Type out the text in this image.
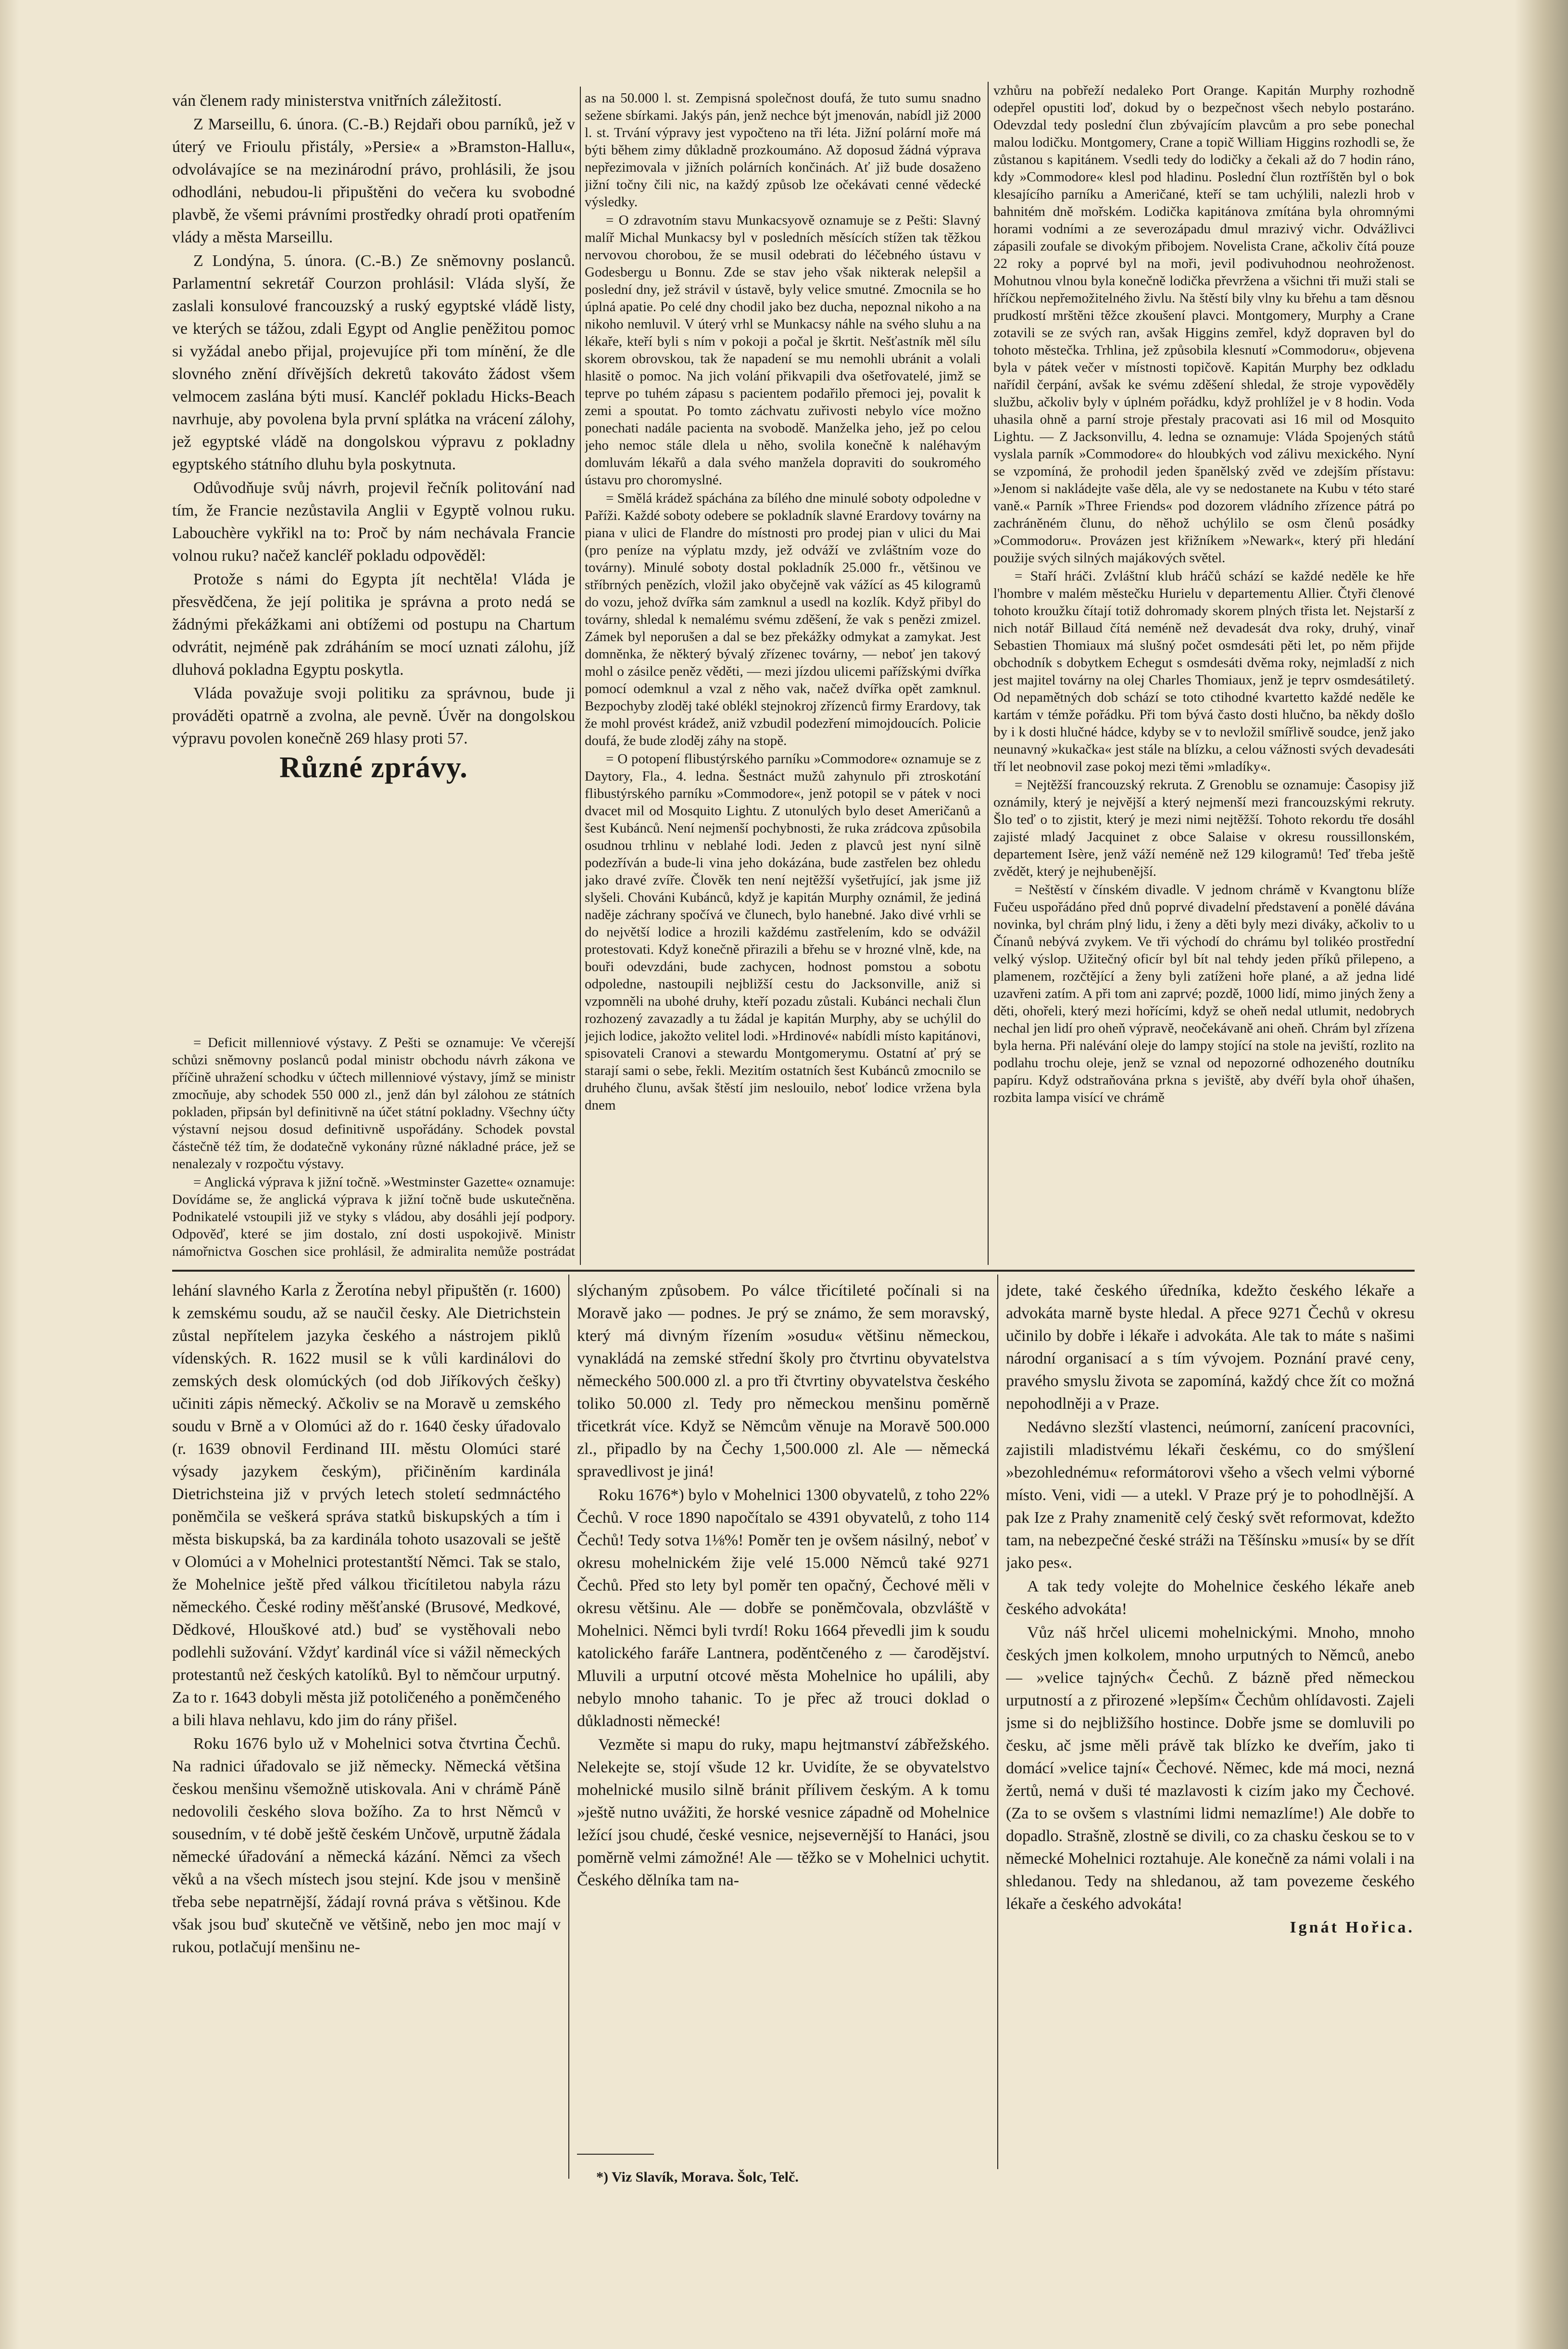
ván členem rady ministerstva vnitřních záležitostí.

Z Marseillu, 6. února. (C.-B.) Rejdaři obou parníků, jež v úterý ve Frioulu přistály, »Persie« a »Bramston-Hallu«, odvolávajíce se na mezinárodní právo, prohlásili, že jsou odhodláni, nebudou-li připuštěni do večera ku svobodné plavbě, že všemi právními prostředky ohradí proti opatřením vlády a města Marseillu.

Z Londýna, 5. února. (C.-B.) Ze sněmovny poslanců. Parlamentní sekretář Courzon prohlásil: Vláda slyší, že zaslali konsulové francouzský a ruský egyptské vládě listy, ve kterých se tážou, zdali Egypt od Anglie peněžitou pomoc si vyžádal anebo přijal, projevujíce při tom mínění, že dle slovného znění dřívějších dekretů takováto žádost všem velmocem zaslána býti musí. Kancléř pokladu Hicks-Beach navrhuje, aby povolena byla první splátka na vrácení zálohy, jež egyptské vládě na dongolskou výpravu z pokladny egyptského státního dluhu byla poskytnuta.

Odůvodňuje svůj návrh, projevil řečník politování nad tím, že Francie nezůstavila Anglii v Egyptě volnou ruku. Labouchère vykřikl na to: Proč by nám nechávala Francie volnou ruku? načež kancléř pokladu odpověděl:

Protože s námi do Egypta jít nechtěla! Vláda je přesvědčena, že její politika je správna a proto nedá se žádnými překážkami ani obtížemi od postupu na Chartum odvrátit, nejméně pak zdráháním se mocí uznati zálohu, jíž dluhová pokladna Egyptu poskytla.

Vláda považuje svoji politiku za správnou, bude ji prováděti opatrně a zvolna, ale pevně. Úvěr na dongolskou výpravu povolen konečně 269 hlasy proti 57.

Různé zprávy.

= Deficit millenniové výstavy. Z Pešti se oznamuje: Ve včerejší schůzi sněmovny poslanců podal ministr obchodu návrh zákona ve příčině uhražení schodku v účtech millenniové výstavy, jímž se ministr zmocňuje, aby schodek 550 000 zl., jenž dán byl zálohou ze státních pokladen, připsán byl definitivně na účet státní pokladny. Všechny účty výstavní nejsou dosud definitivně uspořádány. Schodek povstal částečně též tím, že dodatečně vykonány různé nákladné práce, jež se nenalezaly v rozpočtu výstavy.

= Anglická výprava k jižní točně. »Westminster Gazette« oznamuje: Dovídáme se, že anglická výprava k jižní točně bude uskutečněna. Podnikatelé vstoupili již ve styky s vládou, aby dosáhli její podpory. Odpověď, které se jim dostalo, zní dosti uspokojivě. Ministr námořnictva Goschen sice prohlásil, že admiralita nemůže postrádat

as na 50.000 l. st. Zempisná společnost doufá, že tuto sumu snadno sežene sbírkami. Jakýs pán, jenž nechce být jmenován, nabídl již 2000 l. st. Trvání výpravy jest vypočteno na tři léta. Jižní polární moře má býti během zimy důkladně prozkoumáno. Až doposud žádná výprava nepřezimovala v jižních polárních končinách. Ať již bude dosaženo jižní točny čili nic, na každý způsob lze očekávati cenné vědecké výsledky.

= O zdravotním stavu Munkacsyově oznamuje se z Pešti: Slavný malíř Michal Munkacsy byl v posledních měsících stížen tak těžkou nervovou chorobou, že se musil odebrati do léčebného ústavu v Godesbergu u Bonnu. Zde se stav jeho však nikterak nelepšil a poslední dny, jež strávil v ústavě, byly velice smutné. Zmocnila se ho úplná apatie. Po celé dny chodil jako bez ducha, nepoznal nikoho a na nikoho nemluvil. V úterý vrhl se Munkacsy náhle na svého sluhu a na lékaře, kteří byli s ním v pokoji a počal je škrtit. Nešťastník měl sílu skorem obrovskou, tak že napadení se mu nemohli ubránit a volali hlasitě o pomoc. Na jich volání přikvapili dva ošetřovatelé, jimž se teprve po tuhém zápasu s pacientem podařilo přemoci jej, povalit k zemi a spoutat. Po tomto záchvatu zuřivosti nebylo více možno ponechati nadále pacienta na svobodě. Manželka jeho, jež po celou jeho nemoc stále dlela u něho, svolila konečně k naléhavým domluvám lékařů a dala svého manžela dopraviti do soukromého ústavu pro choromyslné.

= Smělá krádež spáchána za bílého dne minulé soboty odpoledne v Paříži. Každé soboty odebere se pokladník slavné Erardovy továrny na piana v ulici de Flandre do místnosti pro prodej pian v ulici du Mai (pro peníze na výplatu mzdy, jež odváží ve zvláštním voze do továrny). Minulé soboty dostal pokladník 25.000 fr., většinou ve stříbrných penězích, vložil jako obyčejně vak vážící as 45 kilogramů do vozu, jehož dvířka sám zamknul a usedl na kozlík. Když přibyl do továrny, shledal k nemalému svému zděšení, že vak s penězi zmizel. Zámek byl neporušen a dal se bez překážky odmykat a zamykat. Jest domněnka, že některý bývalý zřízenec továrny, — neboť jen takový mohl o zásilce peněz věděti, — mezi jízdou ulicemi pařížskými dvířka pomocí odemknul a vzal z něho vak, načež dvířka opět zamknul. Bezpochyby zloděj také oblékl stejnokroj zřízenců firmy Erardovy, tak že mohl provést krádež, aniž vzbudil podezření mimojdoucích. Policie doufá, že bude zloděj záhy na stopě.

= O potopení flibustýrského parníku »Commodore« oznamuje se z Daytory, Fla., 4. ledna. Šestnáct mužů zahynulo při ztroskotání flibustýrského parníku »Commodore«, jenž potopil se v pátek v noci dvacet mil od Mosquito Lightu. Z utonulých bylo deset Američanů a šest Kubánců. Není nejmenší pochybnosti, že ruka zrádcova způsobila osudnou trhlinu v neblahé lodi. Jeden z plavců jest nyní silně podezříván a bude-li vina jeho dokázána, bude zastřelen bez ohledu jako dravé zvíře. Člověk ten není nejtěžší vyšetřující, jak jsme již slyšeli. Chováni Kubánců, když je kapitán Murphy oznámil, že jediná naděje záchrany spočívá ve člunech, bylo hanebné. Jako divé vrhli se do největší lodice a hrozili každému zastřelením, kdo se odvážil protestovati. Když konečně přirazili a břehu se v hrozné vlně, kde, na bouři odevzdáni, bude zachycen, hodnost pomstou a sobotu odpoledne, nastoupili nejbližší cestu do Jacksonville, aniž si vzpomněli na ubohé druhy, kteří pozadu zůstali. Kubánci nechali člun rozhozený zavazadly a tu žádal je kapitán Murphy, aby se uchýlil do jejich lodice, jakožto velitel lodi. »Hrdinové« nabídli místo kapitánovi, spisovateli Cranovi a stewardu Montgomerymu. Ostatní ať prý se starají sami o sebe, řekli. Mezitím ostatních šest Kubánců zmocnilo se druhého člunu, avšak štěstí jim neslouilo, neboť lodice vržena byla dnem

vzhůru na pobřeží nedaleko Port Orange. Kapitán Murphy rozhodně odepřel opustiti loď, dokud by o bezpečnost všech nebylo postaráno. Odevzdal tedy poslední člun zbývajícím plavcům a pro sebe ponechal malou lodičku. Montgomery, Crane a topič William Higgins rozhodli se, že zůstanou s kapitánem. Vsedli tedy do lodičky a čekali až do 7 hodin ráno, kdy »Commodore« klesl pod hladinu. Poslední člun roztříštěn byl o bok klesajícího parníku a Američané, kteří se tam uchýlili, nalezli hrob v bahnitém dně mořském. Lodička kapitánova zmítána byla ohromnými horami vodními a ze severozápadu dmul mrazivý vichr. Odvážlivci zápasili zoufale se divokým přibojem. Novelista Crane, ačkoliv čítá pouze 22 roky a poprvé byl na moři, jevil podivuhodnou neohroženost. Mohutnou vlnou byla konečně lodička převržena a všichni tři muži stali se hříčkou nepřemožitelného živlu. Na štěstí bily vlny ku břehu a tam děsnou prudkostí mrštěni těžce zkoušení plavci. Montgomery, Murphy a Crane zotavili se ze svých ran, avšak Higgins zemřel, když dopraven byl do tohoto městečka. Trhlina, jež způsobila klesnutí »Commodoru«, objevena byla v pátek večer v místnosti topičově. Kapitán Murphy bez odkladu nařídil čerpání, avšak ke svému zděšení shledal, že stroje vypověděly službu, ačkoliv byly v úplném pořádku, když prohlížel je v 8 hodin. Voda uhasila ohně a parní stroje přestaly pracovati asi 16 mil od Mosquito Lightu. — Z Jacksonvillu, 4. ledna se oznamuje: Vláda Spojených států vyslala parník »Commodore« do hloubkých vod zálivu mexického. Nyní se vzpomíná, že prohodil jeden španělský zvěd ve zdejším přístavu: »Jenom si nakládejte vaše děla, ale vy se nedostanete na Kubu v této staré vaně.« Parník »Three Friends« pod dozorem vládního zřízence pátrá po zachráněném člunu, do něhož uchýlilo se osm členů posádky »Commodoru«. Provázen jest křižníkem »Newark«, který při hledání použije svých silných majákových světel.

= Staří hráči. Zvláštní klub hráčů schází se každé neděle ke hře l'hombre v malém městečku Hurielu v departementu Allier. Čtyři členové tohoto kroužku čítají totiž dohromady skorem plných třista let. Nejstarší z nich notář Billaud čítá neméně než devadesát dva roky, druhý, vinař Sebastien Thomiaux má slušný počet osmdesáti pěti let, po něm přijde obchodník s dobytkem Echegut s osmdesáti dvěma roky, nejmladší z nich jest majitel továrny na olej Charles Thomiaux, jenž je teprv osmdesátiletý. Od nepamětných dob schází se toto ctihodné kvartetto každé neděle ke kartám v témže pořádku. Při tom bývá často dosti hlučno, ba někdy došlo by i k dosti hlučné hádce, kdyby se v to nevložil smířlivě soudce, jenž jako neunavný »kukačka« jest stále na blízku, a celou vážnosti svých devadesáti tří let neobnovil zase pokoj mezi těmi »mladíky«.

= Nejtěžší francouzský rekruta. Z Grenoblu se oznamuje: Časopisy již oznámily, který je nejvější a který nejmenší mezi francouzskými rekruty. Šlo teď o to zjistit, který je mezi nimi nejtěžší. Tohoto rekordu tře dosáhl zajisté mladý Jacquinet z obce Salaise v okresu roussillonském, departement Isère, jenž váží neméně než 129 kilogramů! Teď třeba ještě zvědět, který je nejhubenější.

= Neštěstí v čínském divadle. V jednom chrámě v Kvangtonu blíže Fučeu uspořádáno před dnů poprvé divadelní představení a ponělé dávána novinka, byl chrám plný lidu, i ženy a děti byly mezi diváky, ačkoliv to u Čínanů nebývá zvykem. Ve tři východí do chrámu byl tolikéo prostřední velký výslop. Užitečný oficír byl bít nal tehdy jeden příků přilepeno, a plamenem, rozčtějící a ženy byli zatíženi hoře plané, a až jedna lidé uzavřeni zatím. A při tom ani zaprvé; pozdě, 1000 lidí, mimo jiných ženy a děti, ohořeli, který mezi hořícími, když se oheň nedal utlumit, nedobrych nechal jen lidí pro oheň výpravě, neočekávaně ani oheň. Chrám byl zřízena byla herna. Při nalévání oleje do lampy stojící na stole na jeviští, rozlito na podlahu trochu oleje, jenž se vznal od nepozorné odhozeného doutníku papíru. Když odstraňována prkna s jeviště, aby dvéří byla ohoř úhašen, rozbita lampa visící ve chrámě

lehání slavného Karla z Žerotína nebyl připuštěn (r. 1600) k zemskému soudu, až se naučil česky. Ale Dietrichstein zůstal nepřítelem jazyka českého a nástrojem piklů vídenských. R. 1622 musil se k vůli kardinálovi do zemských desk olomúckých (od dob Jiříkových češky) učiniti zápis německý. Ačkoliv se na Moravě u zemského soudu v Brně a v Olomúci až do r. 1640 česky úřadovalo (r. 1639 obnovil Ferdinand III. městu Olomúci staré výsady jazykem českým), přičiněním kardinála Dietrichsteina již v prvých letech století sedmnáctého poněmčila se veškerá správa statků biskupských a tím i města biskupská, ba za kardinála tohoto usazovali se ještě v Olomúci a v Mohelnici protestantští Němci. Tak se stalo, že Mohelnice ještě před válkou třicítiletou nabyla rázu německého. České rodiny měšťanské (Brusové, Medkové, Dědkové, Hlouškové atd.) buď se vystěhovali nebo podlehli sužování. Vždyť kardinál více si vážil německých protestantů než českých katolíků. Byl to němčour urputný. Za to r. 1643 dobyli města již potoličeného a poněmčeného a bili hlava nehlavu, kdo jim do rány přišel.

Roku 1676 bylo už v Mohelnici sotva čtvrtina Čechů. Na radnici úřadovalo se již německy. Německá většina českou menšinu všemožně utiskovala. Ani v chrámě Páně nedovolili českého slova božího. Za to hrst Němců v sousedním, v té době ještě českém Unčově, urputně žádala německé úřadování a německá kázání. Němci za všech věků a na všech místech jsou stejní. Kde jsou v menšině třeba sebe nepatrnější, žádají rovná práva s většinou. Kde však jsou buď skutečně ve většině, nebo jen moc mají v rukou, potlačují menšinu ne-

slýchaným způsobem. Po válce třicítileté počínali si na Moravě jako — podnes. Je prý se známo, že sem moravský, který má divným řízením »osudu« většinu německou, vynakládá na zemské střední školy pro čtvrtinu obyvatelstva německého 500.000 zl. a pro tři čtvrtiny obyvatelstva českého toliko 50.000 zl. Tedy pro německou menšinu poměrně třicetkrát více. Když se Němcům věnuje na Moravě 500.000 zl., připadlo by na Čechy 1,500.000 zl. Ale — německá spravedlivost je jiná!

Roku 1676*) bylo v Mohelnici 1300 obyvatelů, z toho 22% Čechů. V roce 1890 napočítalo se 4391 obyvatelů, z toho 114 Čechů! Tedy sotva 1⅛%! Poměr ten je ovšem násilný, neboť v okresu mohelnickém žije velé 15.000 Němců také 9271 Čechů. Před sto lety byl poměr ten opačný, Čechové měli v okresu většinu. Ale — dobře se poněmčovala, obzvláště v Mohelnici. Němci byli tvrdí! Roku 1664 převedli jim k soudu katolického faráře Lantnera, poděntčeného z — čarodějství. Mluvili a urputní otcové města Mohelnice ho upálili, aby nebylo mnoho tahanic. To je přec až trouci doklad o důkladnosti německé!

Vezměte si mapu do ruky, mapu hejtmanství zábřežského. Nelekejte se, stojí všude 12 kr. Uvidíte, že se obyvatelstvo mohelnické musilo silně bránit přílivem českým. A k tomu »ještě nutno uvážiti, že horské vesnice západně od Mohelnice ležící jsou chudé, české vesnice, nejsevernější to Hanáci, jsou poměrně velmi zámožné! Ale — těžko se v Mohelnici uchytit. Českého dělníka tam na-

jdete, také českého úředníka, kdežto českého lékaře a advokáta marně byste hledal. A přece 9271 Čechů v okresu učinilo by dobře i lékaře i advokáta. Ale tak to máte s našimi národní organisací a s tím vývojem. Poznání pravé ceny, pravého smyslu života se zapomíná, každý chce žít co možná nepohodlněji a v Praze.

Nedávno slezští vlastenci, neúmorní, zanícení pracovníci, zajistili mladistvému lékaři českému, co do smýšlení »bezohlednému« reformátorovi všeho a všech velmi výborné místo. Veni, vidi — a utekl. V Praze prý je to pohodlnější. A pak Ize z Prahy znamenitě celý český svět reformovat, kdežto tam, na nebezpečné české stráži na Těšínsku »musí« by se dřít jako pes«.

A tak tedy volejte do Mohelnice českého lékaře aneb českého advokáta!

Vůz náš hrčel ulicemi mohelnickými. Mnoho, mnoho českých jmen kolkolem, mnoho urputných to Němců, anebo — »velice tajných« Čechů. Z bázně před německou urputností a z přirozené »lepším« Čechům ohlídavosti. Zajeli jsme si do nejbližšího hostince. Dobře jsme se domluvili po česku, ač jsme měli právě tak blízko ke dveřím, jako ti domácí »velice tajní« Čechové. Němec, kde má moci, nezná žertů, nemá v duši té mazlavosti k cizím jako my Čechové. (Za to se ovšem s vlastními lidmi nemazlíme!) Ale dobře to dopadlo. Strašně, zlostně se divili, co za chasku českou se to v německé Mohelnici roztahuje. Ale konečně za námi volali i na shledanou. Tedy na shledanou, až tam povezeme českého lékaře a českého advokáta!

Ignát Hořica.

*) Viz Slavík, Morava. Šolc, Telč.
